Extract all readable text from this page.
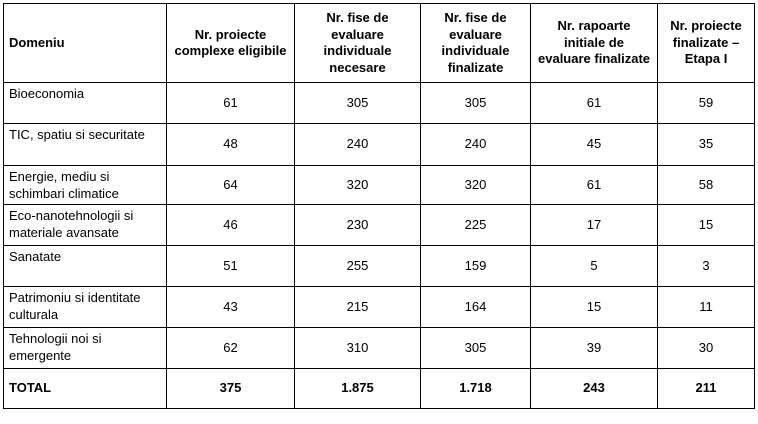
Domeniu	Nr. proiecte complexe eligibile	Nr. fise de evaluare individuale necesare	Nr. fise de evaluare individuale finalizate	Nr. rapoarte initiale de evaluare finalizate	Nr. proiecte finalizate – Etapa I
Bioeconomia	61	305	305	61	59
TIC, spatiu si securitate	48	240	240	45	35
Energie, mediu si schimbari climatice	64	320	320	61	58
Eco-nanotehnologii si materiale avansate	46	230	225	17	15
Sanatate	51	255	159	5	3
Patrimoniu si identitate culturala	43	215	164	15	11
Tehnologii noi si emergente	62	310	305	39	30
TOTAL	375	1.875	1.718	243	211
